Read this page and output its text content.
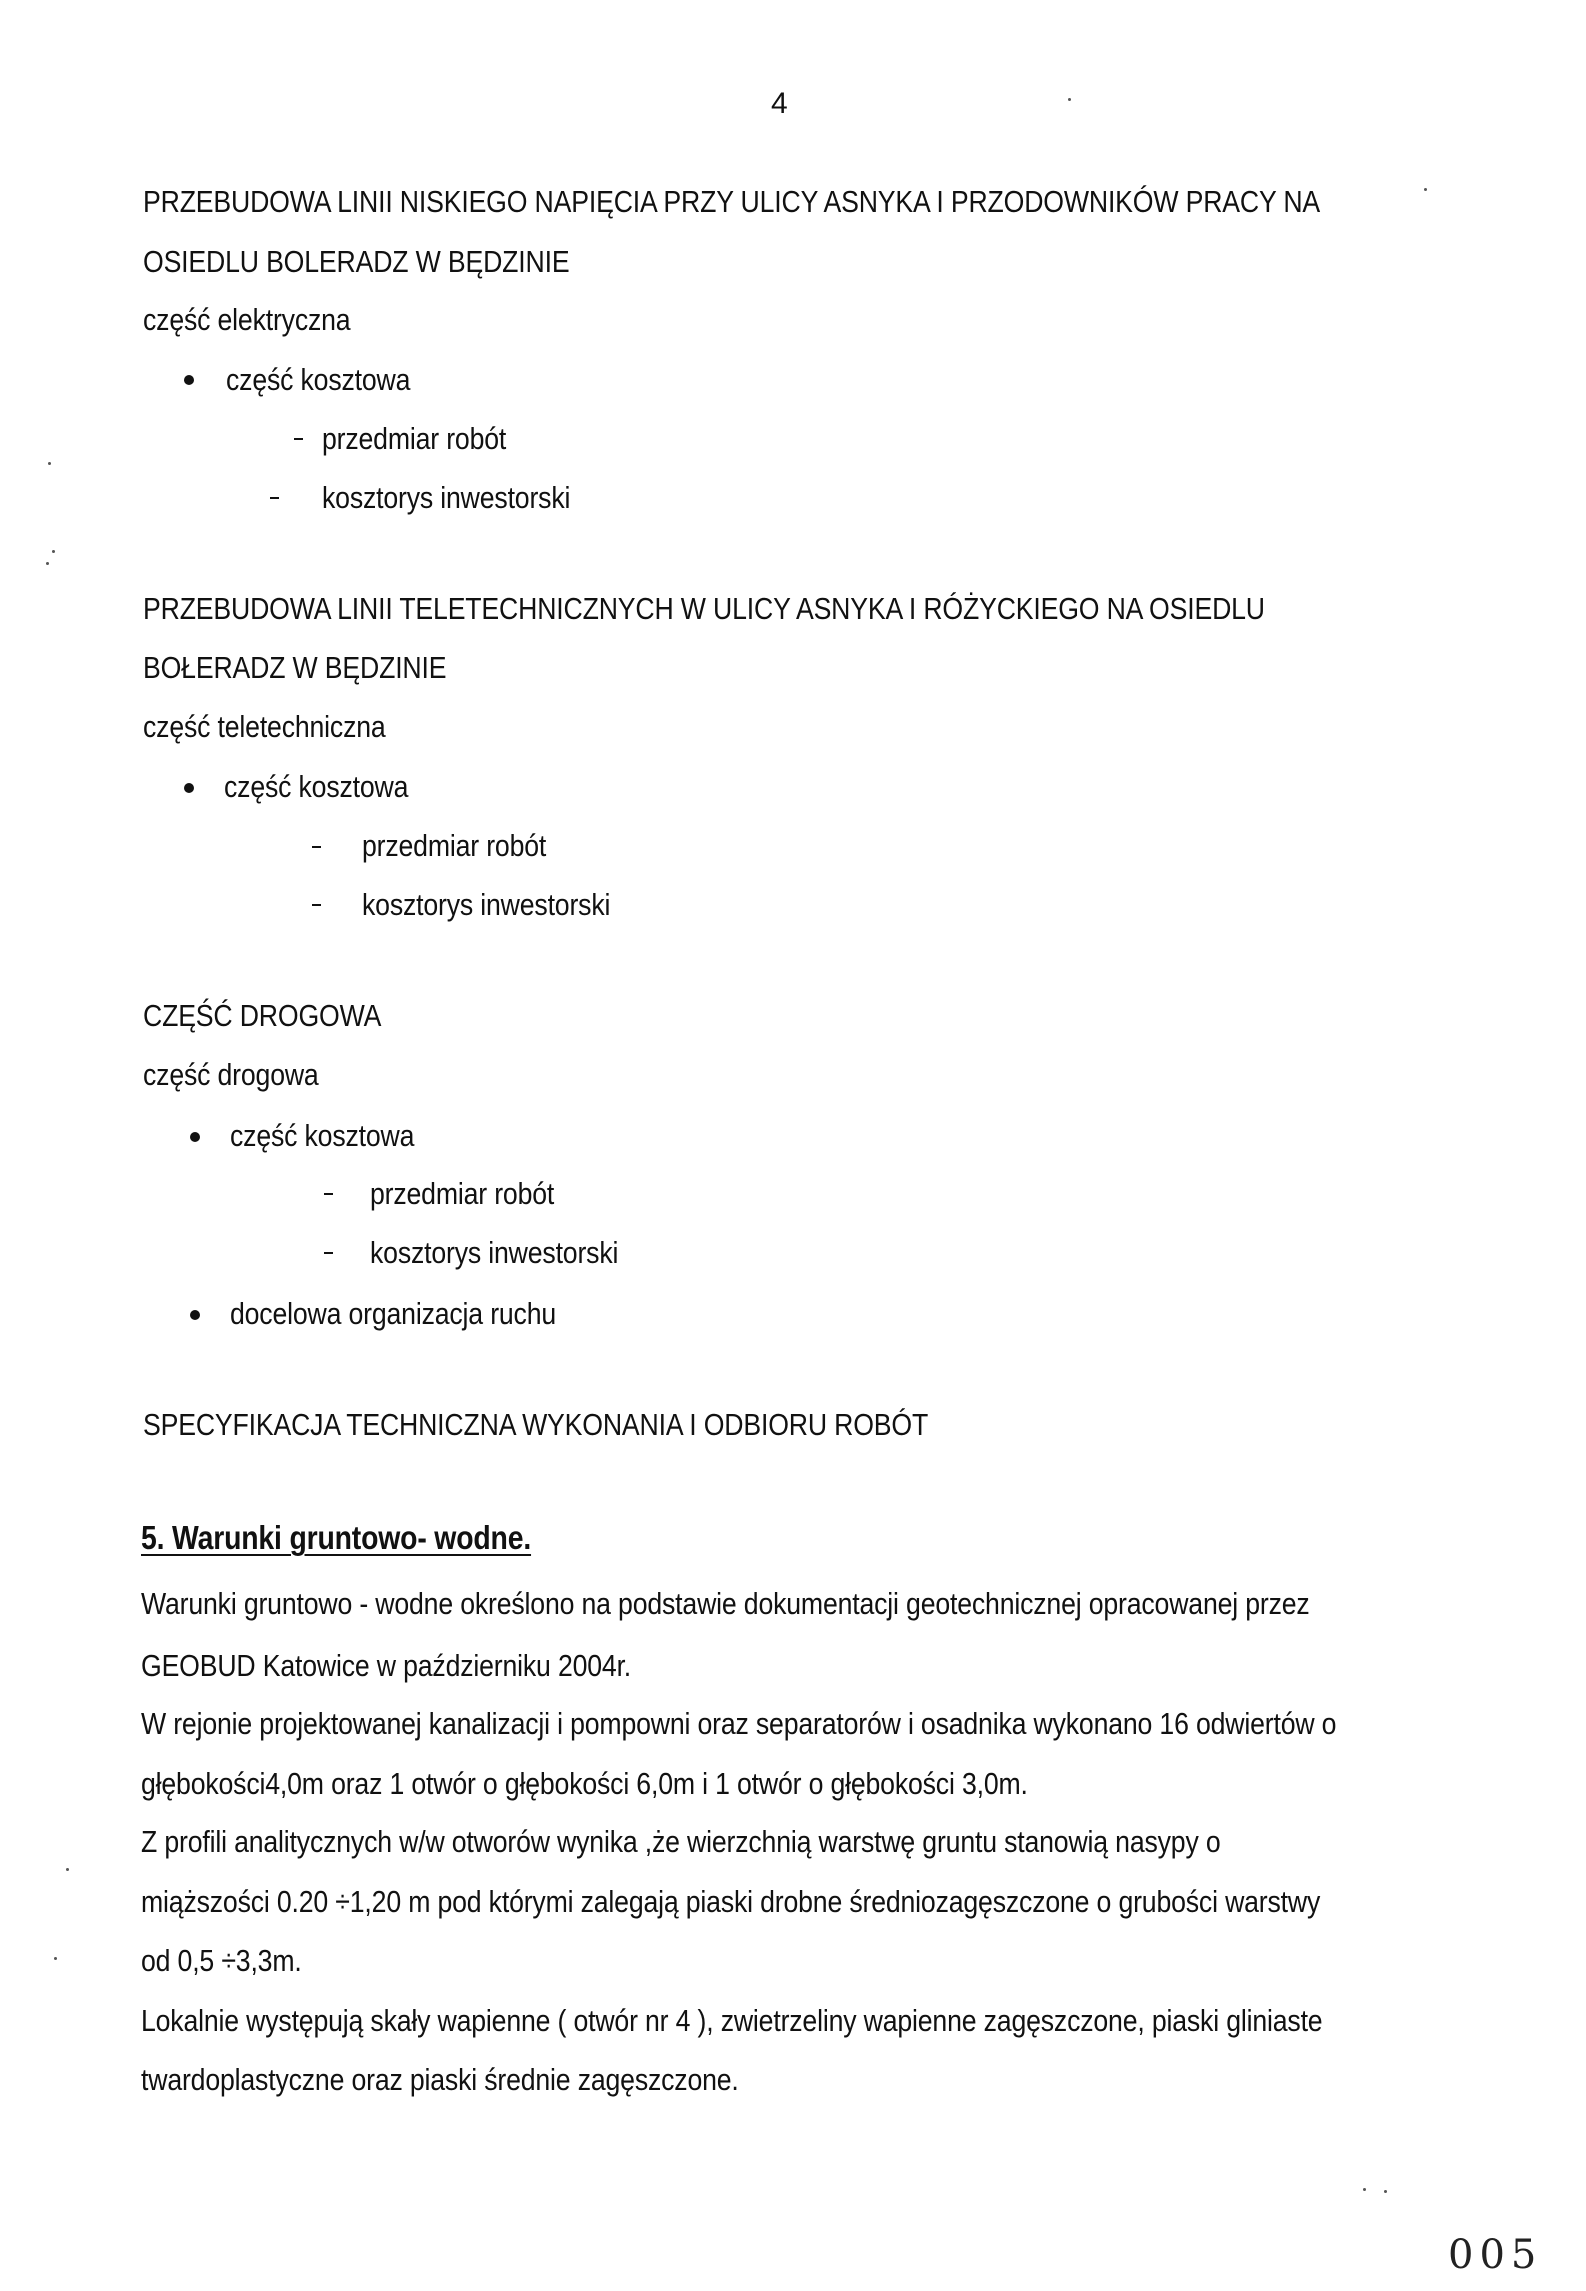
4
PRZEBUDOWA LINII NISKIEGO NAPIĘCIA PRZY ULICY ASNYKA I PRZODOWNIKÓW PRACY NA
OSIEDLU BOLERADZ W BĘDZINIE
część elektryczna
część kosztowa
przedmiar robót
kosztorys inwestorski
PRZEBUDOWA LINII TELETECHNICZNYCH W ULICY ASNYKA I RÓŻYCKIEGO NA OSIEDLU
BOŁERADZ W BĘDZINIE
część teletechniczna
część kosztowa
przedmiar robót
kosztorys inwestorski
CZĘŚĆ DROGOWA
część drogowa
część kosztowa
przedmiar robót
kosztorys inwestorski
docelowa organizacja ruchu
SPECYFIKACJA TECHNICZNA WYKONANIA I ODBIORU ROBÓT
5. Warunki gruntowo- wodne.
Warunki gruntowo - wodne określono na podstawie dokumentacji geotechnicznej opracowanej przez
GEOBUD Katowice w październiku 2004r.
W rejonie projektowanej kanalizacji i pompowni oraz separatorów i osadnika wykonano 16 odwiertów o
głębokości4,0m oraz 1 otwór o głębokości 6,0m i 1 otwór o głębokości 3,0m.
Z profili analitycznych w/w otworów wynika ,że wierzchnią warstwę gruntu stanowią nasypy o
miąższości 0.20 ÷1,20 m pod którymi zalegają piaski drobne średniozagęszczone o grubości warstwy
od 0,5 ÷3,3m.
Lokalnie występują skały wapienne ( otwór nr 4 ), zwietrzeliny wapienne zagęszczone, piaski gliniaste
twardoplastyczne oraz piaski średnie zagęszczone.
005
